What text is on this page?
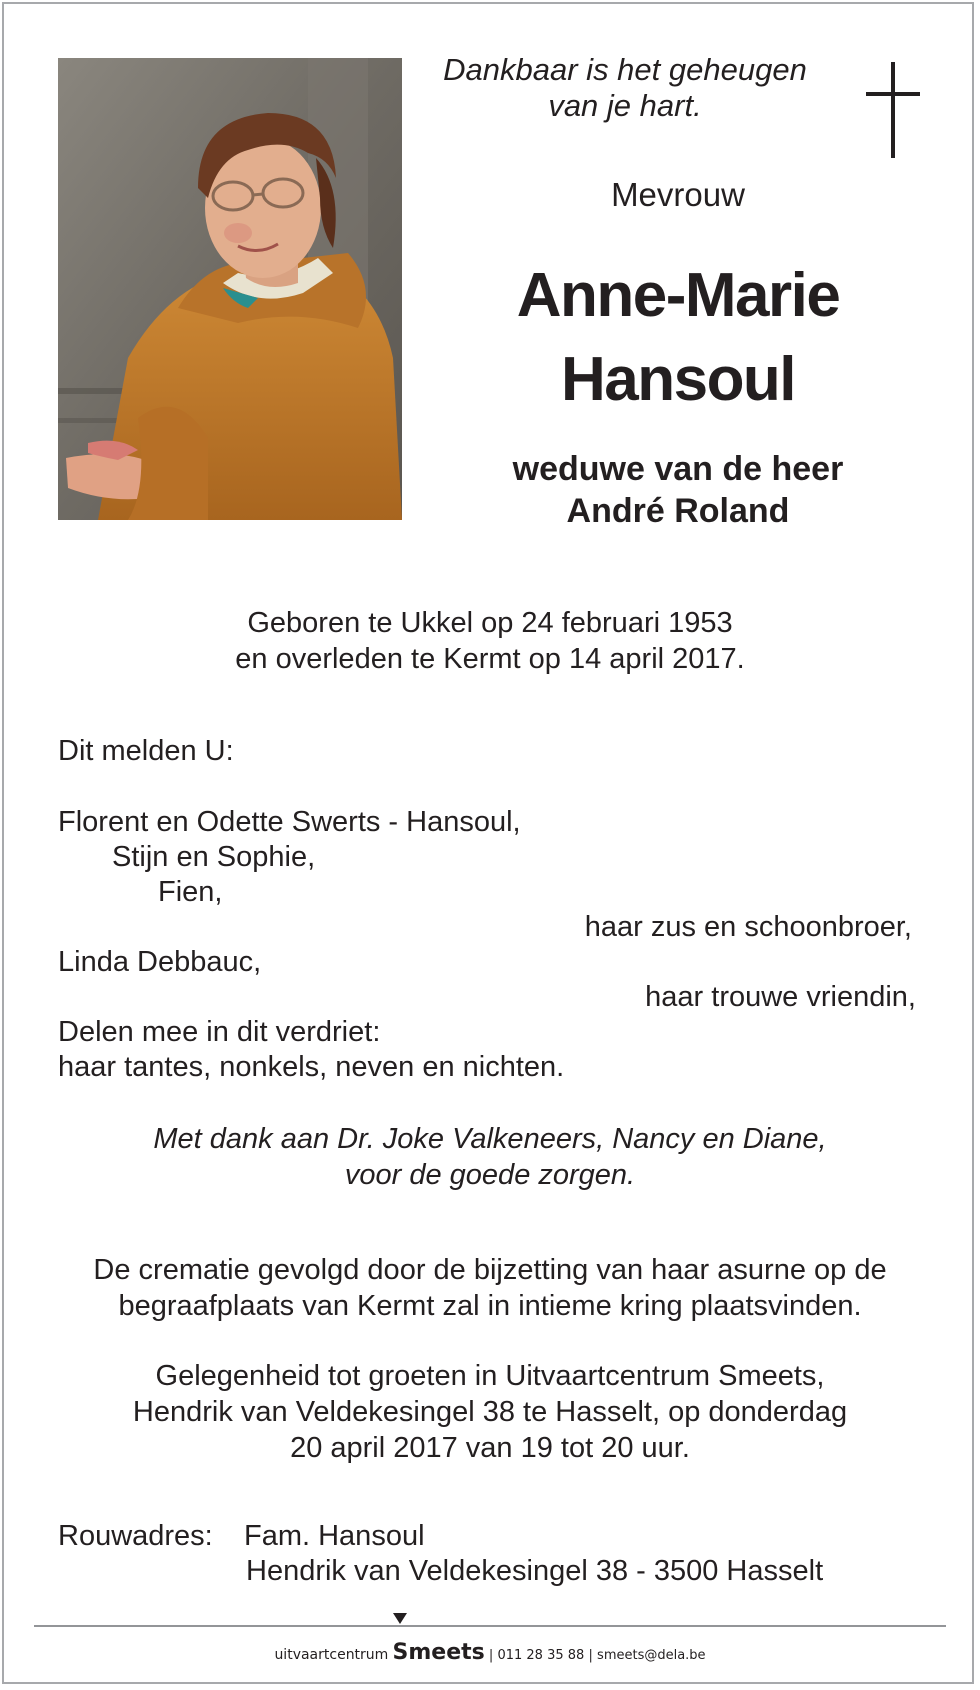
Dankbaar is het geheugen
van je hart.
Mevrouw
Anne-Marie
Hansoul
weduwe van de heer
André Roland
Geboren te Ukkel op 24 februari 1953
en overleden te Kermt op 14 april 2017.
Dit melden U:
Florent en Odette Swerts - Hansoul,
Stijn en Sophie,
Fien,
haar zus en schoonbroer,
Linda Debbauc,
haar trouwe vriendin,
Delen mee in dit verdriet:
haar tantes, nonkels, neven en nichten.
Met dank aan Dr. Joke Valkeneers, Nancy en Diane,
voor de goede zorgen.
De crematie gevolgd door de bijzetting van haar asurne op de
begraafplaats van Kermt zal in intieme kring plaatsvinden.
Gelegenheid tot groeten in Uitvaartcentrum Smeets,
Hendrik van Veldekesingel 38 te Hasselt, op donderdag
20 april 2017 van 19 tot 20 uur.
Rouwadres: Fam. Hansoul
Hendrik van Veldekesingel 38 - 3500 Hasselt
uitvaartcentrum Smeets | 011 28 35 88 | smeets@dela.be
